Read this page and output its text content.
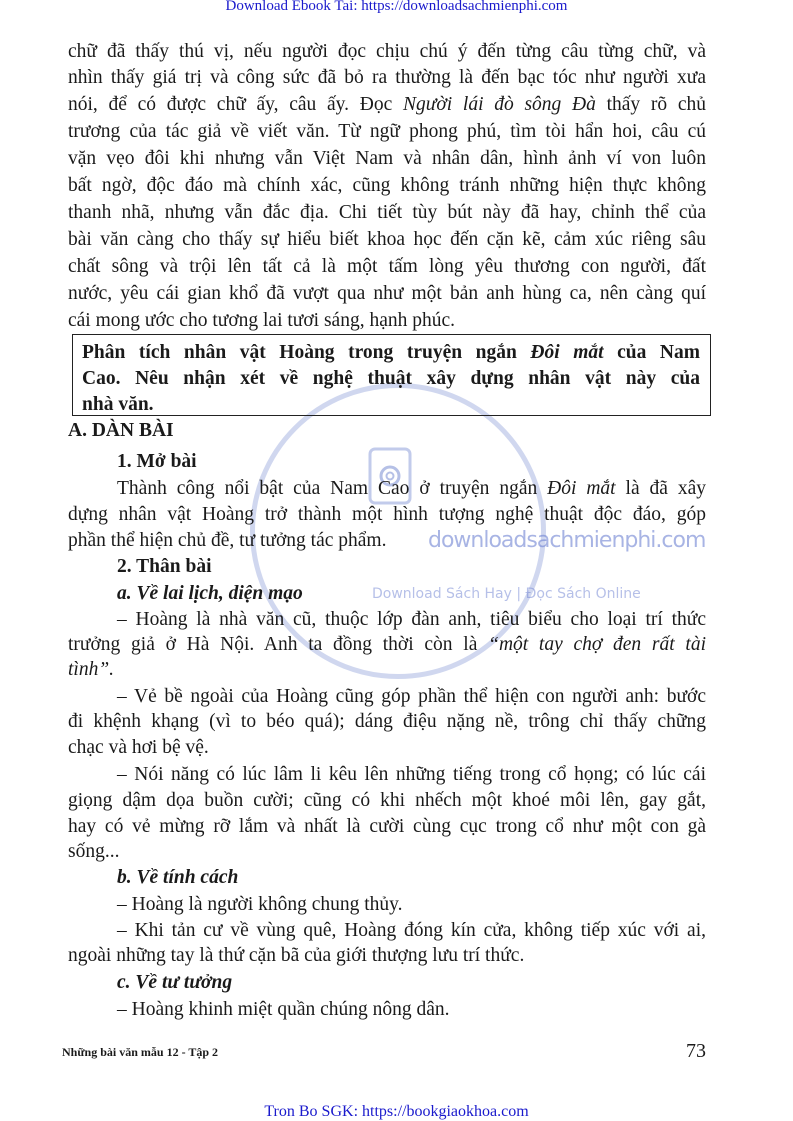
Download Ebook Tai: https://downloadsachmienphi.com
downloadsachmienphi.com
Download Sách Hay | Đọc Sách Online
chữ đã thấy thú vị, nếu người đọc chịu chú ý đến từng câu từng chữ, và
nhìn thấy giá trị và công sức đã bỏ ra thường là đến bạc tóc như người xưa
nói, để có được chữ ấy, câu ấy. Đọc Người lái đò sông Đà thấy rõ chủ
trương của tác giả về viết văn. Từ ngữ phong phú, tìm tòi hẩn hoi, câu cú
vặn vẹo đôi khi nhưng vẫn Việt Nam và nhân dân, hình ảnh ví von luôn
bất ngờ, độc đáo mà chính xác, cũng không tránh những hiện thực không
thanh nhã, nhưng vẫn đắc địa. Chi tiết tùy bút này đã hay, chỉnh thể của
bài văn càng cho thấy sự hiểu biết khoa học đến cặn kẽ, cảm xúc riêng sâu
chất sông và trội lên tất cả là một tấm lòng yêu thương con người, đất
nước, yêu cái gian khổ đã vượt qua như một bản anh hùng ca, nên càng quí
cái mong ước cho tương lai tươi sáng, hạnh phúc.
Phân tích nhân vật Hoàng trong truyện ngắn Đôi mắt của Nam
Cao. Nêu nhận xét về nghệ thuật xây dựng nhân vật này của
nhà văn.
A. DÀN BÀI
1. Mở bài
Thành công nổi bật của Nam Cao ở truyện ngắn Đôi mắt là đã xây
dựng nhân vật Hoàng trở thành một hình tượng nghệ thuật độc đáo, góp
phần thể hiện chủ đề, tư tưởng tác phẩm.
2. Thân bài
a. Về lai lịch, diện mạo
– Hoàng là nhà văn cũ, thuộc lớp đàn anh, tiêu biểu cho loại trí thức
trưởng giả ở Hà Nội. Anh ta đồng thời còn là “một tay chợ đen rất tài
tình”.
– Vẻ bề ngoài của Hoàng cũng góp phần thể hiện con người anh: bước
đi khệnh khạng (vì to béo quá); dáng điệu nặng nề, trông chỉ thấy chững
chạc và hơi bệ vệ.
– Nói năng có lúc lâm li kêu lên những tiếng trong cổ họng; có lúc cái
giọng dậm dọa buồn cười; cũng có khi nhếch một khoé môi lên, gay gắt,
hay có vẻ mừng rỡ lắm và nhất là cười cùng cục trong cổ như một con gà
sống...
b. Về tính cách
– Hoàng là người không chung thủy.
– Khi tản cư về vùng quê, Hoàng đóng kín cửa, không tiếp xúc với ai,
ngoài những tay là thứ cặn bã của giới thượng lưu trí thức.
c. Về tư tưởng
– Hoàng khinh miệt quần chúng nông dân.
Những bài văn mẫu 12 - Tập 2	73
Tron Bo SGK: https://bookgiaokhoa.com
